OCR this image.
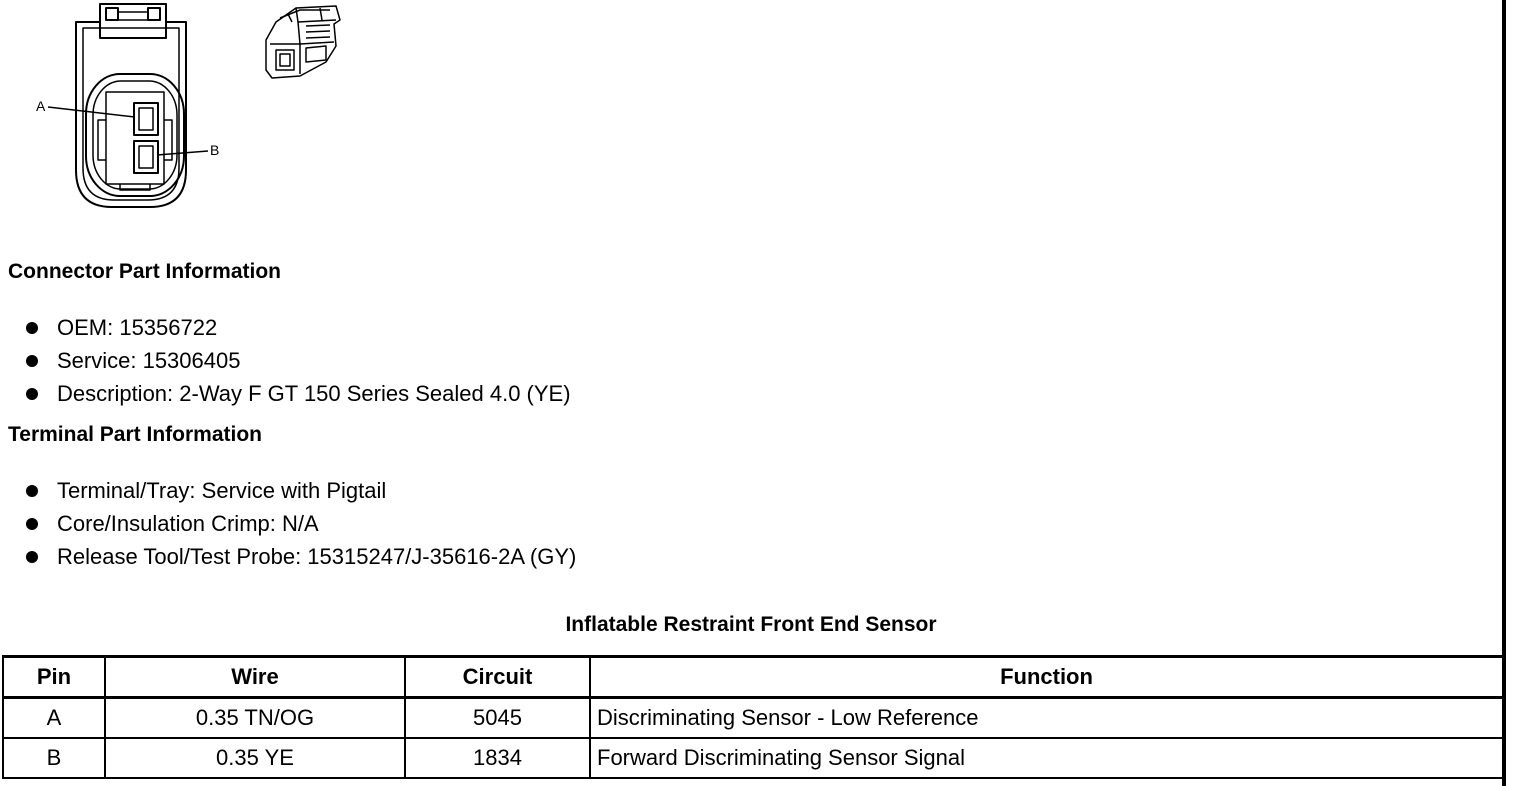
A
B
Connector Part Information
OEM: 15356722
Service: 15306405
Description: 2-Way F GT 150 Series Sealed 4.0 (YE)
Terminal Part Information
Terminal/Tray: Service with Pigtail
Core/Insulation Crimp: N/A
Release Tool/Test Probe: 15315247/J-35616-2A (GY)
Inflatable Restraint Front End Sensor
Pin	Wire	Circuit	Function
A	0.35 TN/OG	5045	Discriminating Sensor - Low Reference
B	0.35 YE	1834	Forward Discriminating Sensor Signal
